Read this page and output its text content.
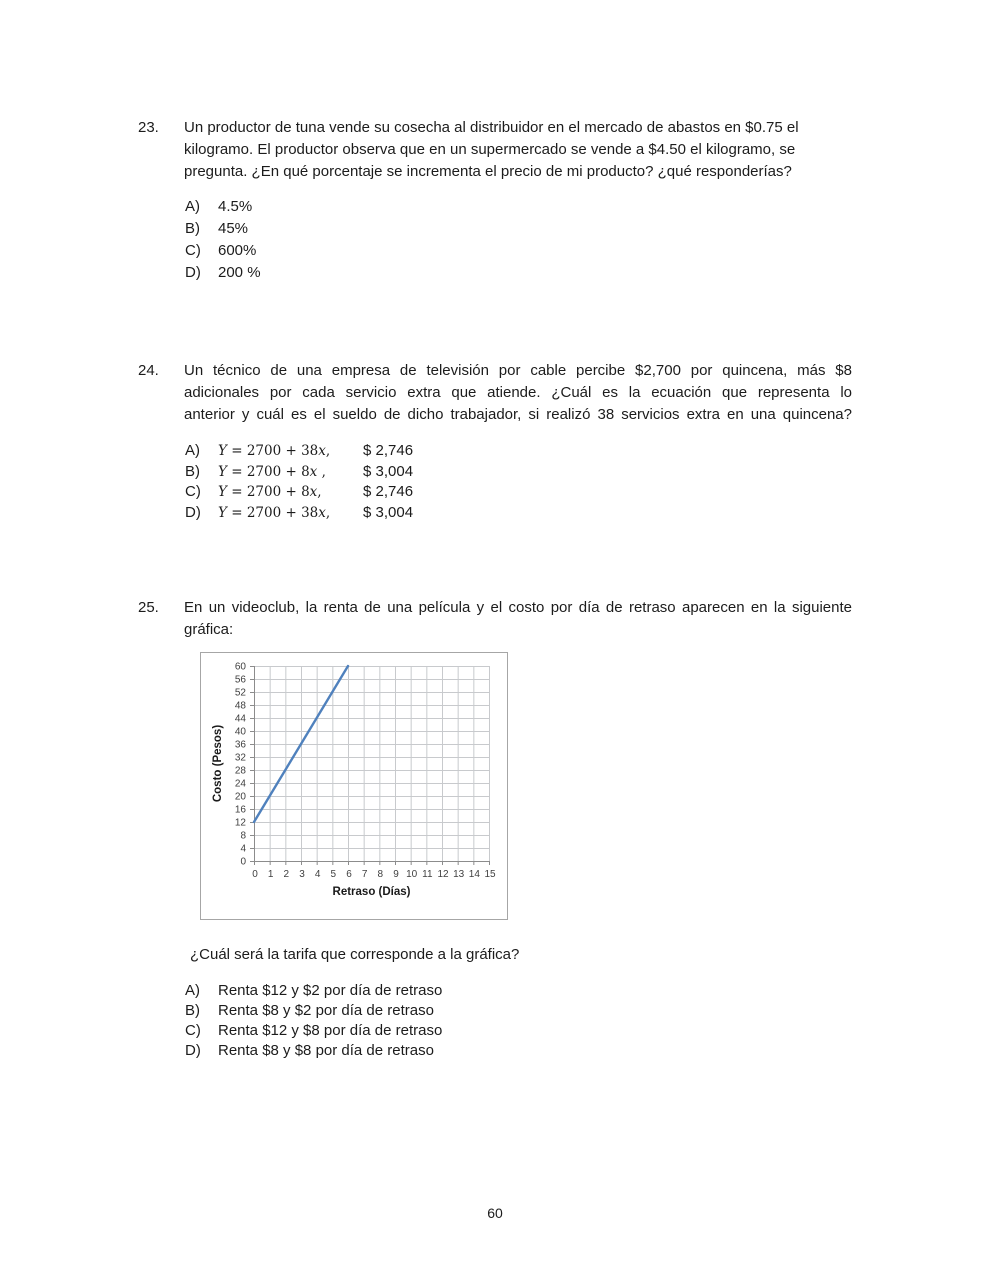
23.	Un productor de tuna vende su cosecha al distribuidor en el mercado de abastos en $0.75 el
kilogramo. El productor observa que en un supermercado se vende a $4.50 el kilogramo, se
pregunta. ¿En qué porcentaje se incrementa el precio de mi producto? ¿qué responderías?
A) 4.5%
B) 45%
C) 600%
D) 200 %
24.	Un técnico de una empresa de televisión por cable percibe $2,700 por quincena, más $8
adicionales por cada servicio extra que atiende. ¿Cuál es la ecuación que representa lo
anterior y cuál es el sueldo de dicho trabajador, si realizó 38 servicios extra en una quincena?
A) Y = 2700 + 38x, $ 2,746
B) Y = 2700 + 8x , $ 3,004
C) Y = 2700 + 8x,	$ 2,746
D) Y = 2700 + 38x, $ 3,004
25.	En un videoclub, la renta de una película y el costo por día de retraso aparecen en la siguiente
gráfica:
0 1 2 3 4 5 6 7 8 9 10 11 12 13 14 15
0
4
8
12
16
20
24
28
32
36
40
44
48
52
56
60
Retraso (Días)
Costo (Pesos)
¿Cuál será la tarifa que corresponde a la gráfica?
A) Renta $12 y $2 por día de retraso
B) Renta $8 y $2 por día de retraso
C) Renta $12 y $8 por día de retraso
D) Renta $8 y $8 por día de retraso
60
